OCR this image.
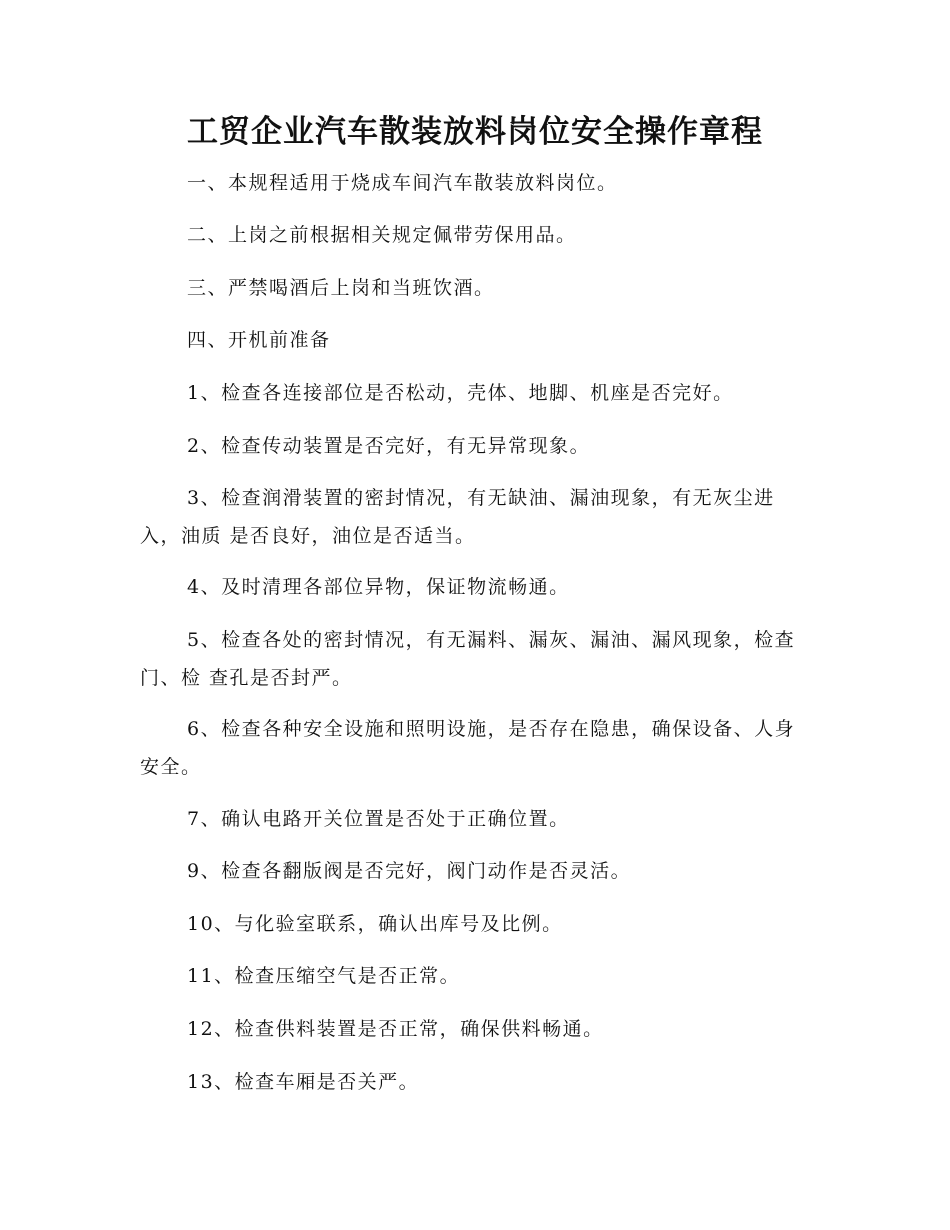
工贸企业汽车散装放料岗位安全操作章程

一、本规程适用于烧成车间汽车散装放料岗位。

二、上岗之前根据相关规定佩带劳保用品。

三、严禁喝酒后上岗和当班饮酒。

四、开机前准备

1、检查各连接部位是否松动，壳体、地脚、机座是否完好。

2、检查传动装置是否完好，有无异常现象。

3、检查润滑装置的密封情况，有无缺油、漏油现象，有无灰尘进入，油质 是否良好，油位是否适当。

4、及时清理各部位异物，保证物流畅通。

5、检查各处的密封情况，有无漏料、漏灰、漏油、漏风现象，检查门、检 查孔是否封严。

6、检查各种安全设施和照明设施，是否存在隐患，确保设备、人身安全。

7、确认电路开关位置是否处于正确位置。

9、检查各翻版阀是否完好，阀门动作是否灵活。

10、与化验室联系，确认出库号及比例。

11、检查压缩空气是否正常。

12、检查供料装置是否正常，确保供料畅通。

13、检查车厢是否关严。
